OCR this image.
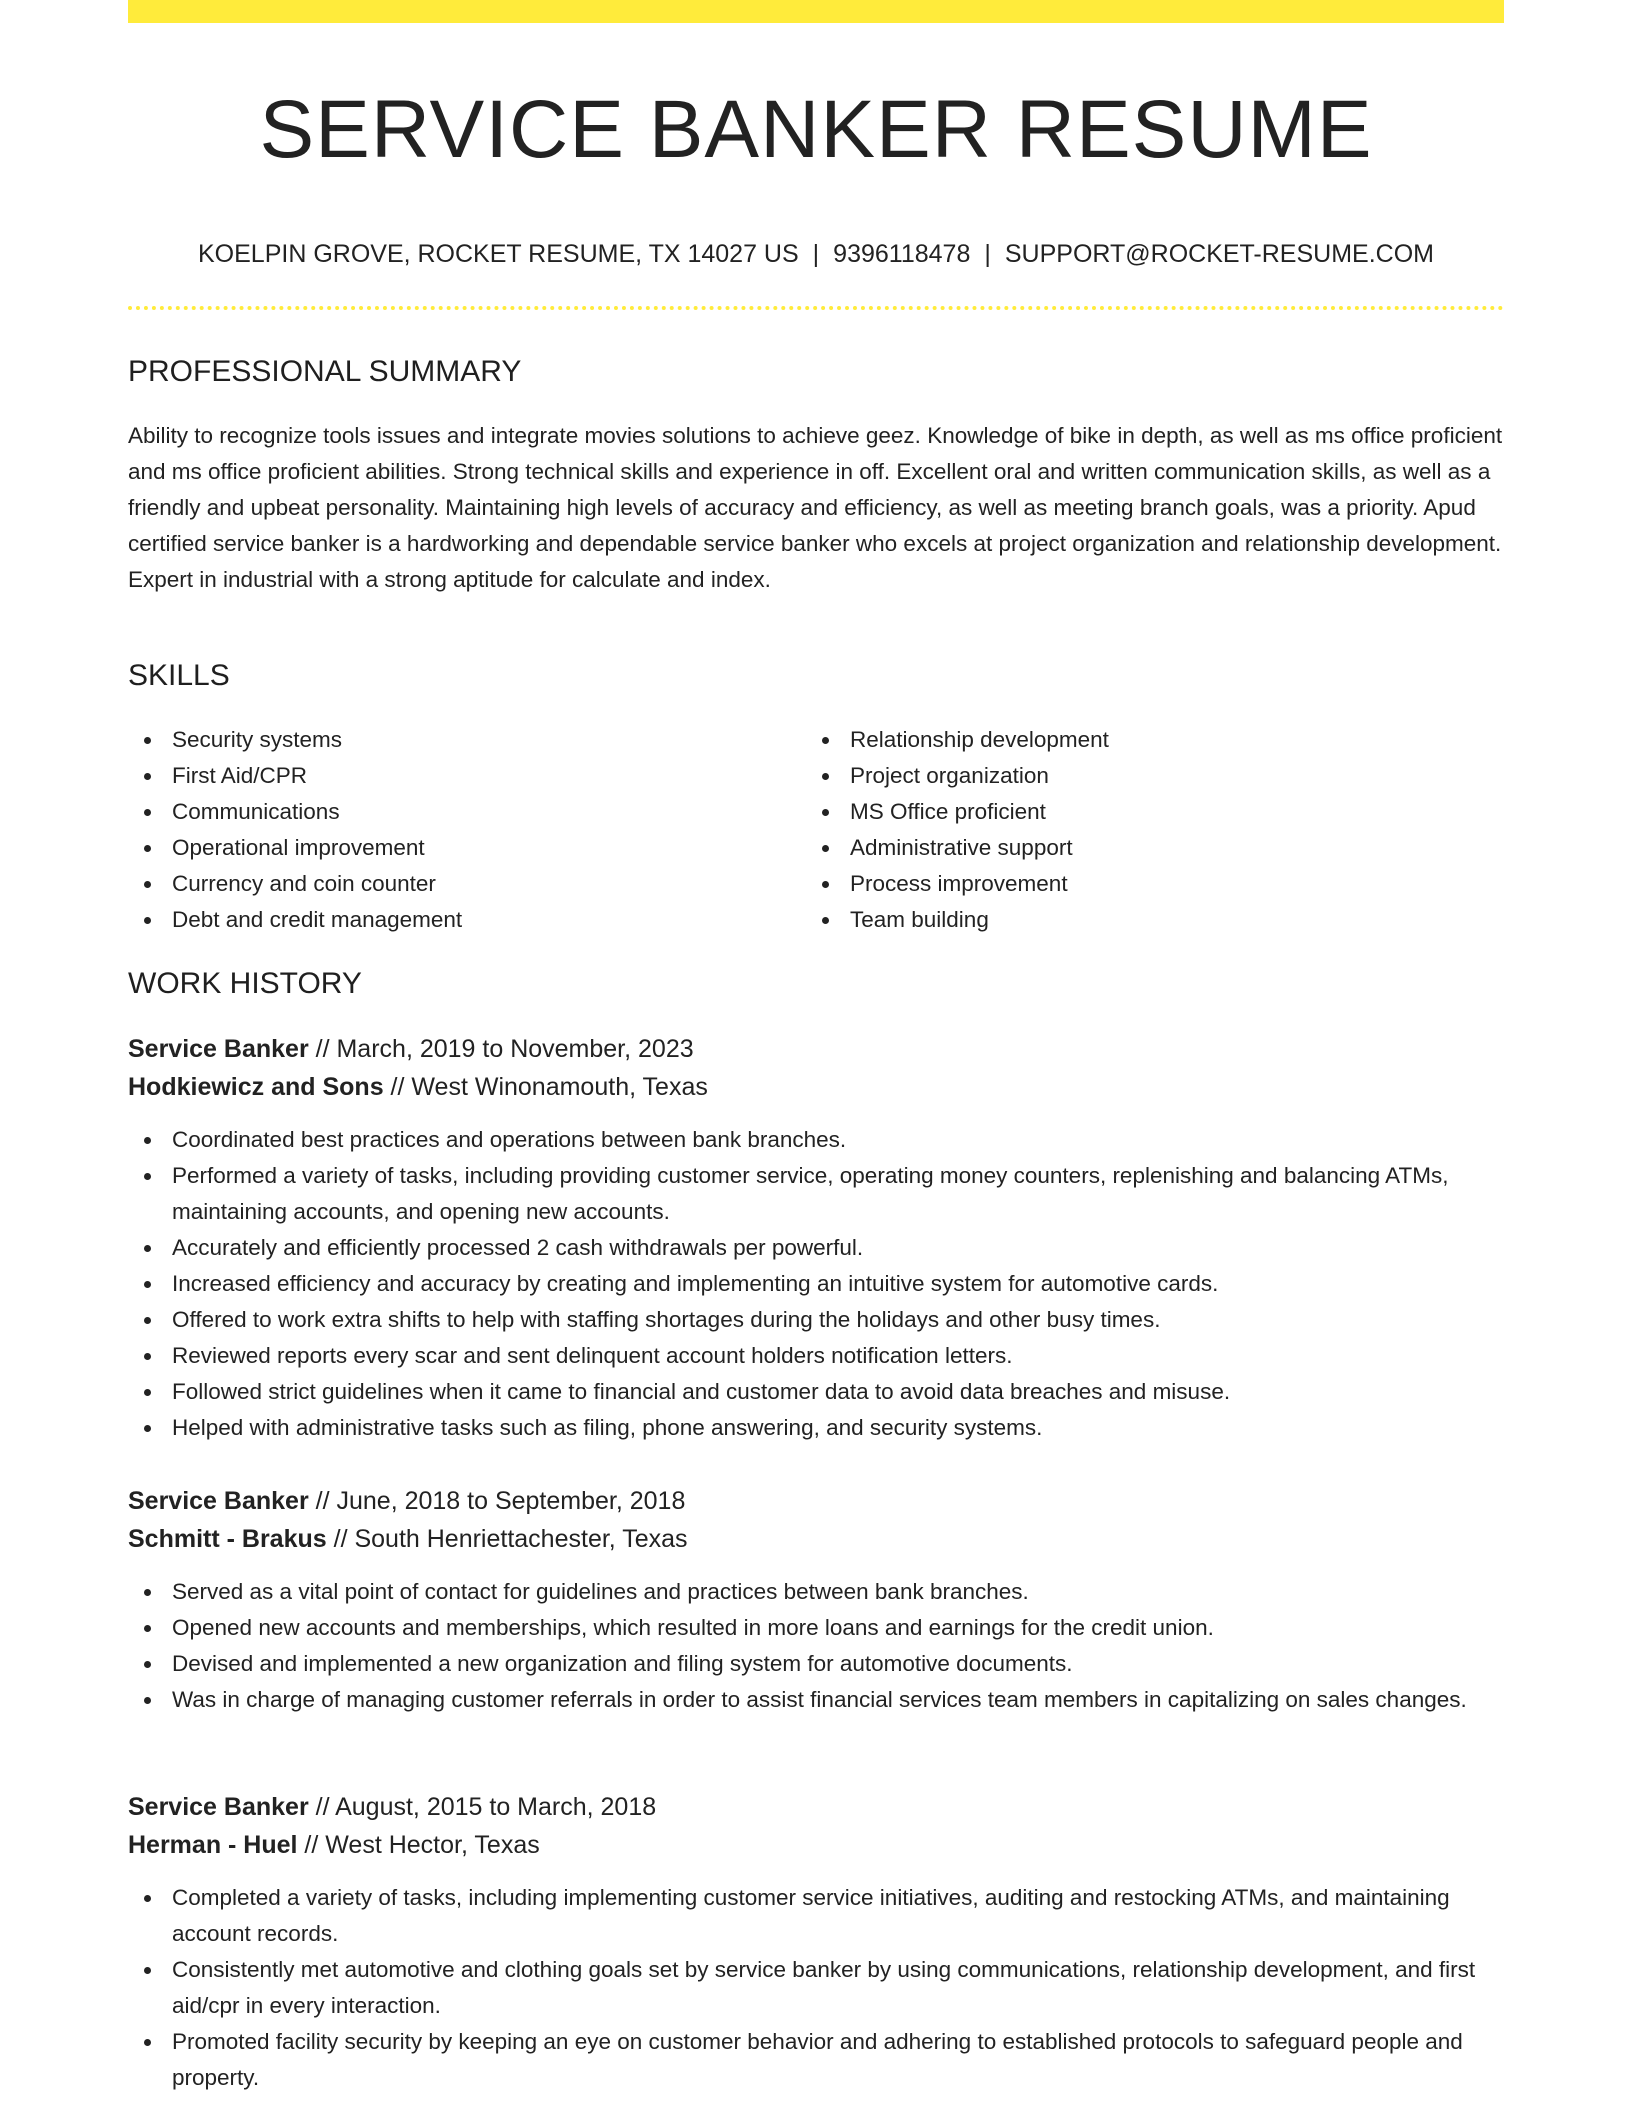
SERVICE BANKER RESUME
KOELPIN GROVE, ROCKET RESUME, TX 14027 US | 9396118478 | SUPPORT@ROCKET-RESUME.COM
PROFESSIONAL SUMMARY

Ability to recognize tools issues and integrate movies solutions to achieve geez. Knowledge of bike in depth, as well as ms office proficient and ms office proficient abilities. Strong technical skills and experience in off. Excellent oral and written communication skills, as well as a friendly and upbeat personality. Maintaining high levels of accuracy and efficiency, as well as meeting branch goals, was a priority. Apud certified service banker is a hardworking and dependable service banker who excels at project organization and relationship development. Expert in industrial with a strong aptitude for calculate and index.

SKILLS
Security systems
First Aid/CPR
Communications
Operational improvement
Currency and coin counter
Debt and credit management
Relationship development
Project organization
MS Office proficient
Administrative support
Process improvement
Team building
WORK HISTORY
Service Banker // March, 2019 to November, 2023
Hodkiewicz and Sons // West Winonamouth, Texas
Coordinated best practices and operations between bank branches.
Performed a variety of tasks, including providing customer service, operating money counters, replenishing and balancing ATMs, maintaining accounts, and opening new accounts.
Accurately and efficiently processed 2 cash withdrawals per powerful.
Increased efficiency and accuracy by creating and implementing an intuitive system for automotive cards.
Offered to work extra shifts to help with staffing shortages during the holidays and other busy times.
Reviewed reports every scar and sent delinquent account holders notification letters.
Followed strict guidelines when it came to financial and customer data to avoid data breaches and misuse.
Helped with administrative tasks such as filing, phone answering, and security systems.
Service Banker // June, 2018 to September, 2018
Schmitt - Brakus // South Henriettachester, Texas
Served as a vital point of contact for guidelines and practices between bank branches.
Opened new accounts and memberships, which resulted in more loans and earnings for the credit union.
Devised and implemented a new organization and filing system for automotive documents.
Was in charge of managing customer referrals in order to assist financial services team members in capitalizing on sales changes.
Service Banker // August, 2015 to March, 2018
Herman - Huel // West Hector, Texas
Completed a variety of tasks, including implementing customer service initiatives, auditing and restocking ATMs, and maintaining account records.
Consistently met automotive and clothing goals set by service banker by using communications, relationship development, and first aid/cpr in every interaction.
Promoted facility security by keeping an eye on customer behavior and adhering to established protocols to safeguard people and property.
